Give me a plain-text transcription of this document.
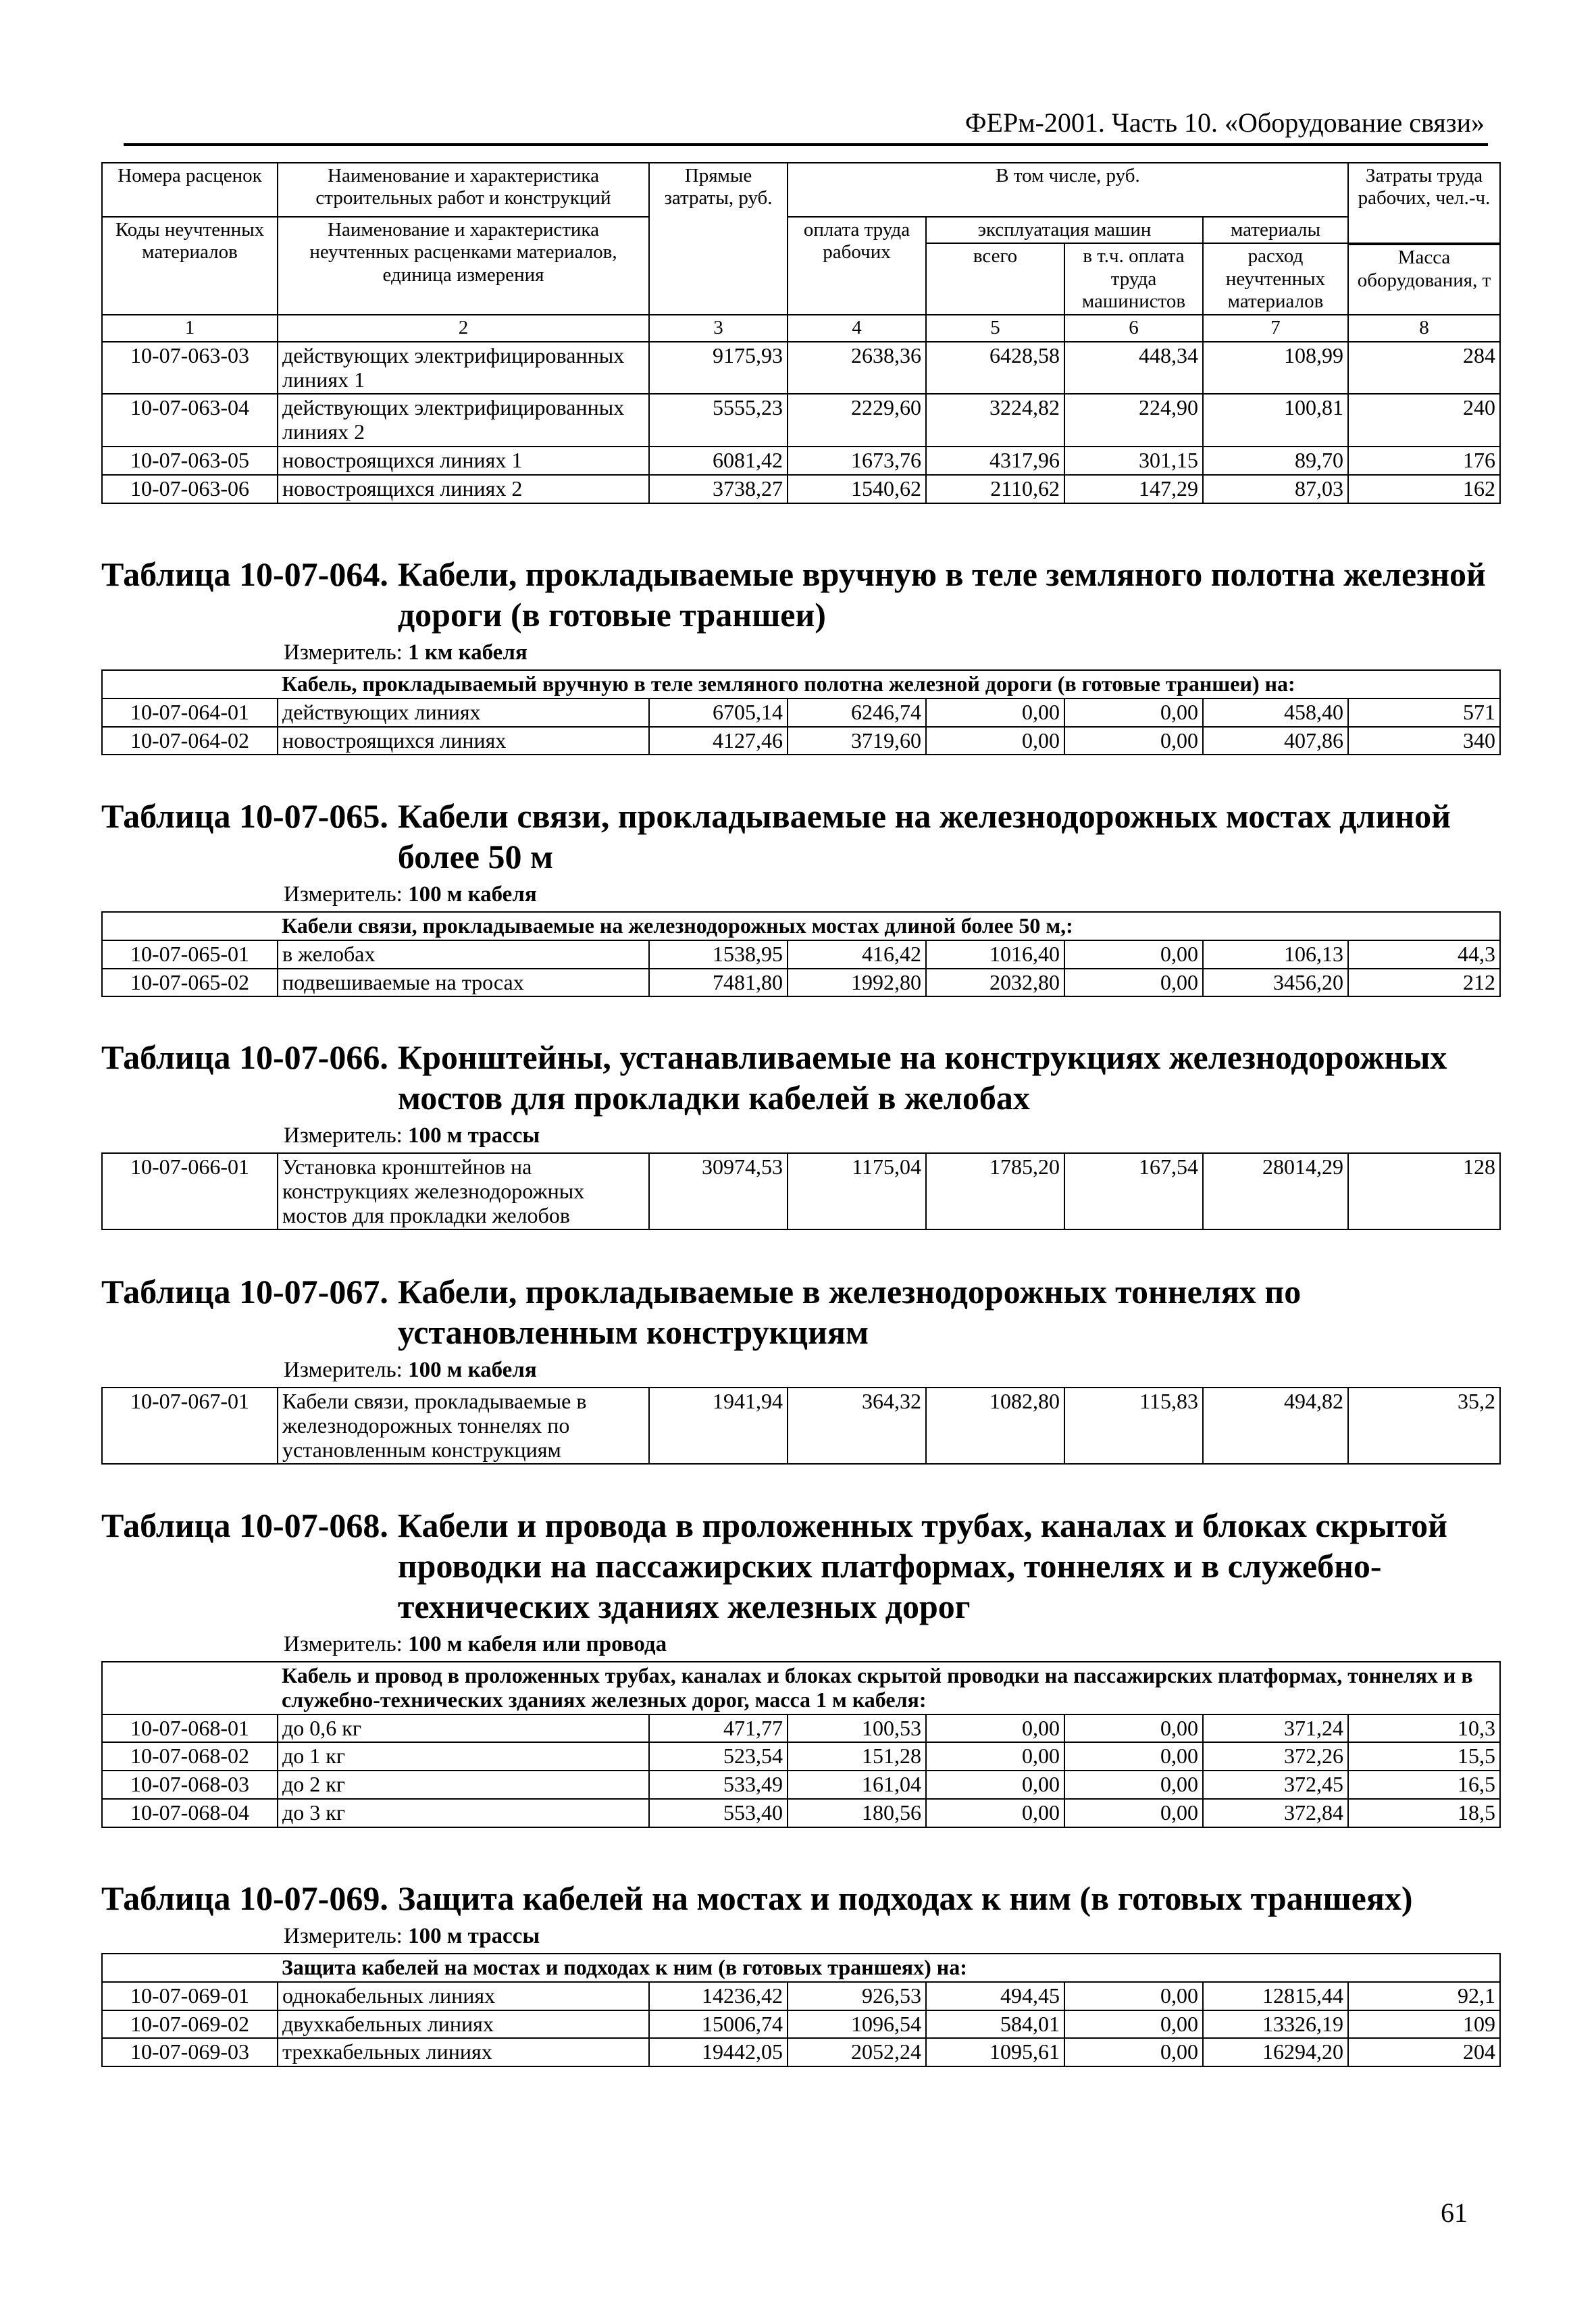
ФЕРм-2001. Часть 10. «Оборудование связи»
Номера расценок	Наименование и характеристика строительных работ и конструкций	Прямые затраты, руб.	В том числе, руб.				Затраты труда рабочих, чел.-ч.
Коды неучтенных материалов	Наименование и характеристика неучтенных расценками материалов, единица измерения		оплата труда рабочих	эксплуатация машин		материалы	
				всего	в т.ч. оплата труда машинистов	расход неучтенных материалов	
							Масса оборудования, т
1	2	3	4	5	6	7	8
10-07-063-03	действующих электрифицированных линиях 1	9175,93	2638,36	6428,58	448,34	108,99	284
10-07-063-04	действующих электрифицированных линиях 2	5555,23	2229,60	3224,82	224,90	100,81	240
10-07-063-05	новостроящихся линиях 1	6081,42	1673,76	4317,96	301,15	89,70	176
10-07-063-06	новостроящихся линиях 2	3738,27	1540,62	2110,62	147,29	87,03	162
Таблица 10-07-064. Кабели, прокладываемые вручную в теле земляного полотна железной дороги (в готовые траншеи)
Измеритель: 1 км кабеля
	Кабель, прокладываемый вручную в теле земляного полотна железной дороги (в готовые траншеи) на:						
10-07-064-01	действующих линиях	6705,14	6246,74	0,00	0,00	458,40	571
10-07-064-02	новостроящихся линиях	4127,46	3719,60	0,00	0,00	407,86	340
Таблица 10-07-065. Кабели связи, прокладываемые на железнодорожных мостах длиной более 50 м
Измеритель: 100 м кабеля
	Кабели связи, прокладываемые на железнодорожных мостах длиной более 50 м,:						
10-07-065-01	в желобах	1538,95	416,42	1016,40	0,00	106,13	44,3
10-07-065-02	подвешиваемые на тросах	7481,80	1992,80	2032,80	0,00	3456,20	212
Таблица 10-07-066. Кронштейны, устанавливаемые на конструкциях железнодорожных мостов для прокладки кабелей в желобах
Измеритель: 100 м трассы
10-07-066-01	Установка кронштейнов на конструкциях железнодорожных мостов для прокладки желобов	30974,53	1175,04	1785,20	167,54	28014,29	128
Таблица 10-07-067. Кабели, прокладываемые в железнодорожных тоннелях по установленным конструкциям
Измеритель: 100 м кабеля
10-07-067-01	Кабели связи, прокладываемые в железнодорожных тоннелях по установленным конструкциям	1941,94	364,32	1082,80	115,83	494,82	35,2
Таблица 10-07-068. Кабели и провода в проложенных трубах, каналах и блоках скрытой проводки на пассажирских платформах, тоннелях и в служебно-технических зданиях железных дорог
Измеритель: 100 м кабеля или провода
	Кабель и провод в проложенных трубах, каналах и блоках скрытой проводки на пассажирских платформах, тоннелях и в служебно-технических зданиях железных дорог, масса 1 м кабеля:						
10-07-068-01	до 0,6 кг	471,77	100,53	0,00	0,00	371,24	10,3
10-07-068-02	до 1 кг	523,54	151,28	0,00	0,00	372,26	15,5
10-07-068-03	до 2 кг	533,49	161,04	0,00	0,00	372,45	16,5
10-07-068-04	до 3 кг	553,40	180,56	0,00	0,00	372,84	18,5
Таблица 10-07-069. Защита кабелей на мостах и подходах к ним (в готовых траншеях)
Измеритель: 100 м трассы
	Защита кабелей на мостах и подходах к ним (в готовых траншеях) на:						
10-07-069-01	однокабельных линиях	14236,42	926,53	494,45	0,00	12815,44	92,1
10-07-069-02	двухкабельных линиях	15006,74	1096,54	584,01	0,00	13326,19	109
10-07-069-03	трехкабельных линиях	19442,05	2052,24	1095,61	0,00	16294,20	204
61
